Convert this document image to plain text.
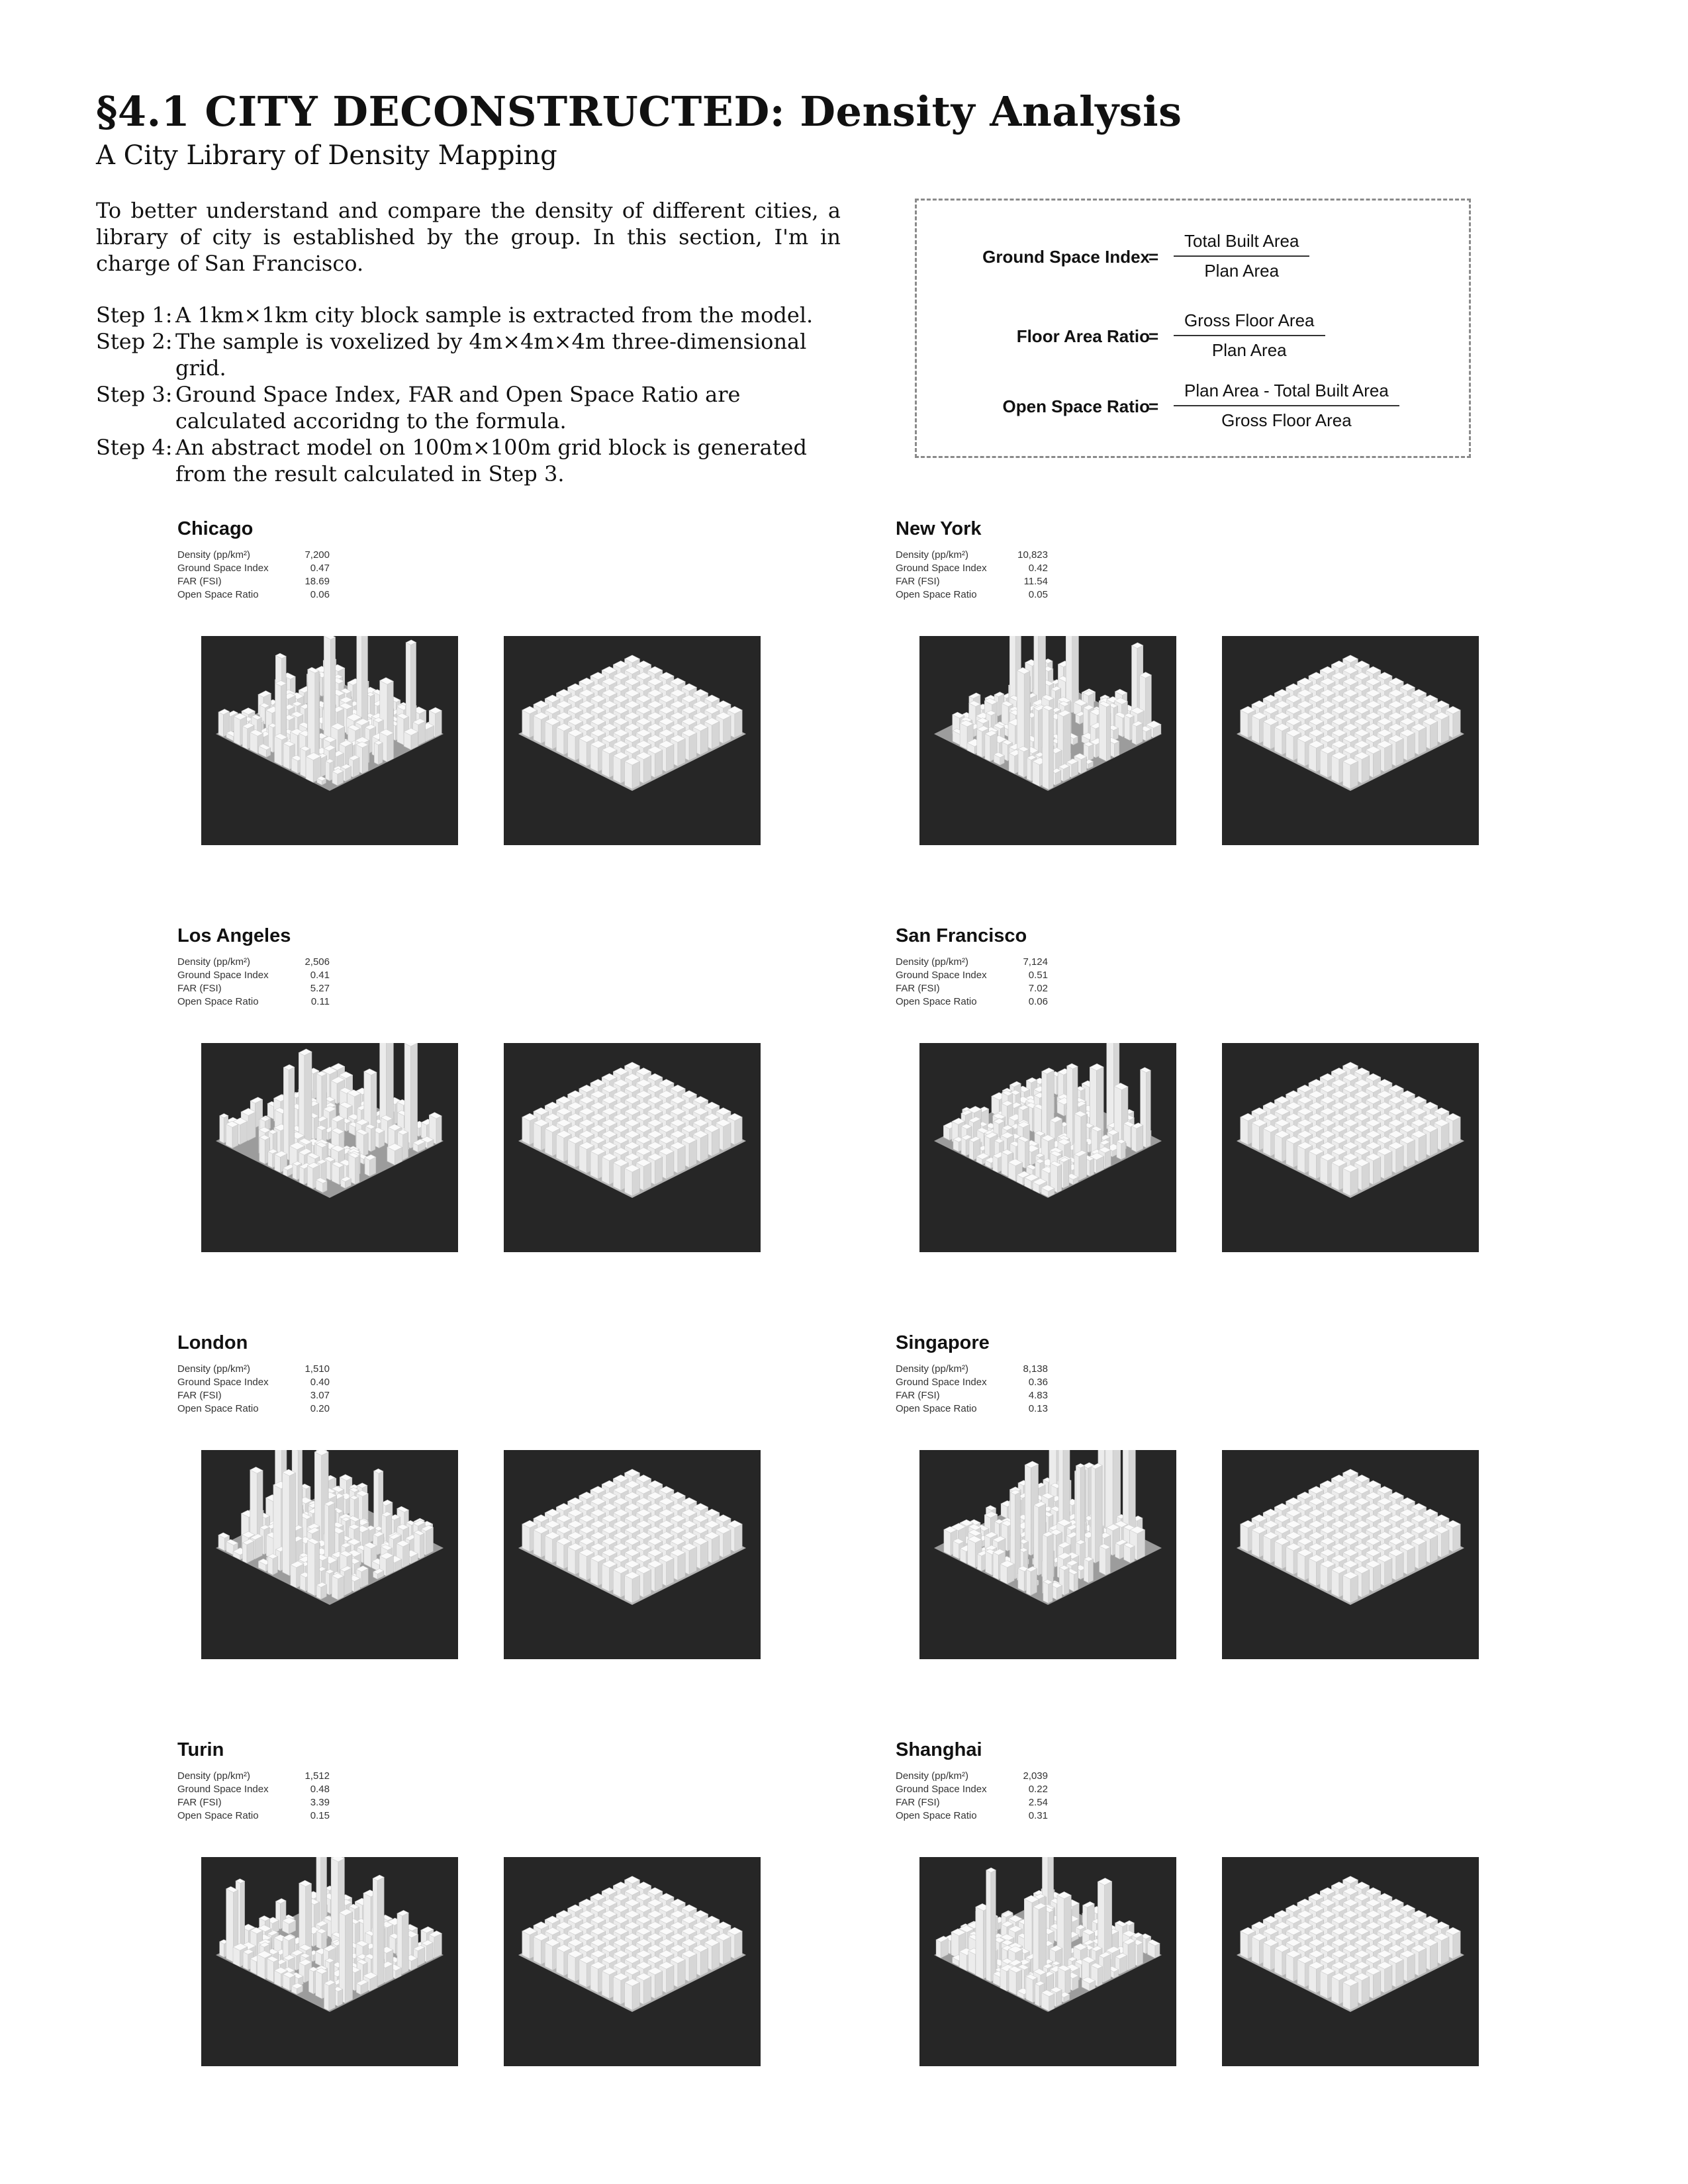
§4.1 CITY DECONSTRUCTED: Density Analysis
A City Library of Density Mapping
To better understand and compare the density of different cities, a library of city is established by the group. In this section, I'm in charge of San Francisco.
Step 1: A 1km×1km city block sample is extracted from the model.
Step 2: The sample is voxelized by 4m×4m×4m three-dimensional grid.
Step 3: Ground Space Index, FAR and Open Space Ratio are calculated accoridng to the formula.
Step 4: An abstract model on 100m×100m grid block is generated from the result calculated in Step 3.
Ground Space Index
=
Total Built Area
Plan Area
Floor Area Ratio
=
Gross Floor Area
Plan Area
Open Space Ratio
=
Plan Area - Total Built Area
Gross Floor Area
Chicago
Density (pp/km²)	7,200
Ground Space Index	0.47
FAR (FSI)	18.69
Open Space Ratio	0.06
New York
Density (pp/km²)	10,823
Ground Space Index	0.42
FAR (FSI)	11.54
Open Space Ratio	0.05
Los Angeles
Density (pp/km²)	2,506
Ground Space Index	0.41
FAR (FSI)	5.27
Open Space Ratio	0.11
San Francisco
Density (pp/km²)	7,124
Ground Space Index	0.51
FAR (FSI)	7.02
Open Space Ratio	0.06
London
Density (pp/km²)	1,510
Ground Space Index	0.40
FAR (FSI)	3.07
Open Space Ratio	0.20
Singapore
Density (pp/km²)	8,138
Ground Space Index	0.36
FAR (FSI)	4.83
Open Space Ratio	0.13
Turin
Density (pp/km²)	1,512
Ground Space Index	0.48
FAR (FSI)	3.39
Open Space Ratio	0.15
Shanghai
Density (pp/km²)	2,039
Ground Space Index	0.22
FAR (FSI)	2.54
Open Space Ratio	0.31
